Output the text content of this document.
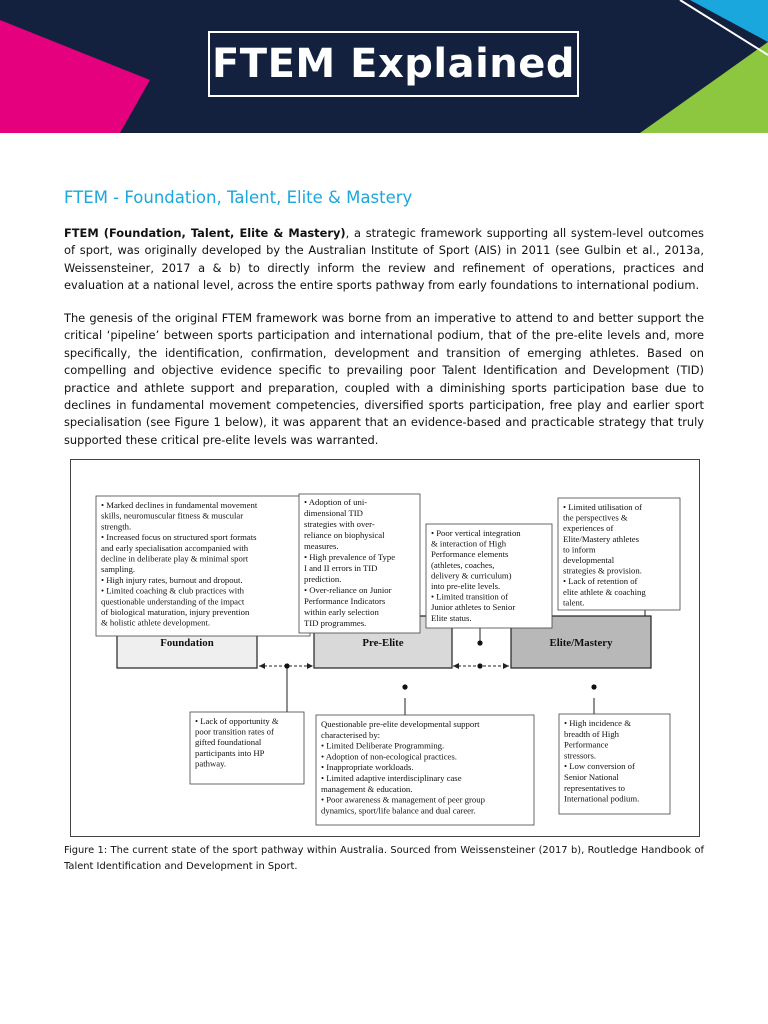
FTEM Explained
FTEM - Foundation, Talent, Elite & Mastery

FTEM (Foundation, Talent, Elite & Mastery), a strategic framework supporting all system-level outcomes of sport, was originally developed by the Australian Institute of Sport (AIS) in 2011 (see Gulbin et al., 2013a, Weissensteiner, 2017 a & b) to directly inform the review and refinement of operations, practices and evaluation at a national level, across the entire sports pathway from early foundations to international podium.

The genesis of the original FTEM framework was borne from an imperative to attend to and better support the critical ‘pipeline’ between sports participation and international podium, that of the pre-elite levels and, more specifically, the identification, confirmation, development and transition of emerging athletes. Based on compelling and objective evidence specific to prevailing poor Talent Identification and Development (TID) practice and athlete support and preparation, coupled with a diminishing sports participation base due to declines in fundamental movement competencies, diversified sports participation, free play and earlier sport specialisation (see Figure 1 below), it was apparent that an evidence-based and practicable strategy that truly supported these critical pre-elite levels was warranted.

Foundation	Pre-Elite	Elite/Mastery
• Marked declines in fundamental movement
skills, neuromuscular fitness & muscular
strength.
• Increased focus on structured sport formats
and early specialisation accompanied with
decline in deliberate play & minimal sport
sampling.
• High injury rates, burnout and dropout.
• Limited coaching & club practices with
questionable understanding of the impact
of biological maturation, injury prevention
& holistic athlete development.
• Adoption of uni-
dimensional TID
strategies with over-
reliance on biophysical
measures.
• High prevalence of Type
I and II errors in TID
prediction.
• Over-reliance on Junior
Performance Indicators
within early selection
TID programmes.
• Poor vertical integration
& interaction of High
Performance elements
(athletes, coaches,
delivery & curriculum)
into pre-elite levels.
• Limited transition of
Junior athletes to Senior
Elite status.
• Limited utilisation of
the perspectives &
experiences of
Elite/Mastery athletes
to inform
developmental
strategies & provision.
• Lack of retention of
elite athlete & coaching
talent.
• Lack of opportunity &
poor transition rates of
gifted foundational
participants into HP
pathway.
Questionable pre-elite developmental support
characterised by:
• Limited Deliberate Programming.
• Adoption of non-ecological practices.
• Inappropriate workloads.
• Limited adaptive interdisciplinary case
management & education.
• Poor awareness & management of peer group
dynamics, sport/life balance and dual career.
• High incidence &
breadth of High
Performance
stressors.
• Low conversion of
Senior National
representatives to
International podium.

Figure 1: The current state of the sport pathway within Australia. Sourced from Weissensteiner (2017 b), Routledge Handbook of Talent Identification and Development in Sport.
